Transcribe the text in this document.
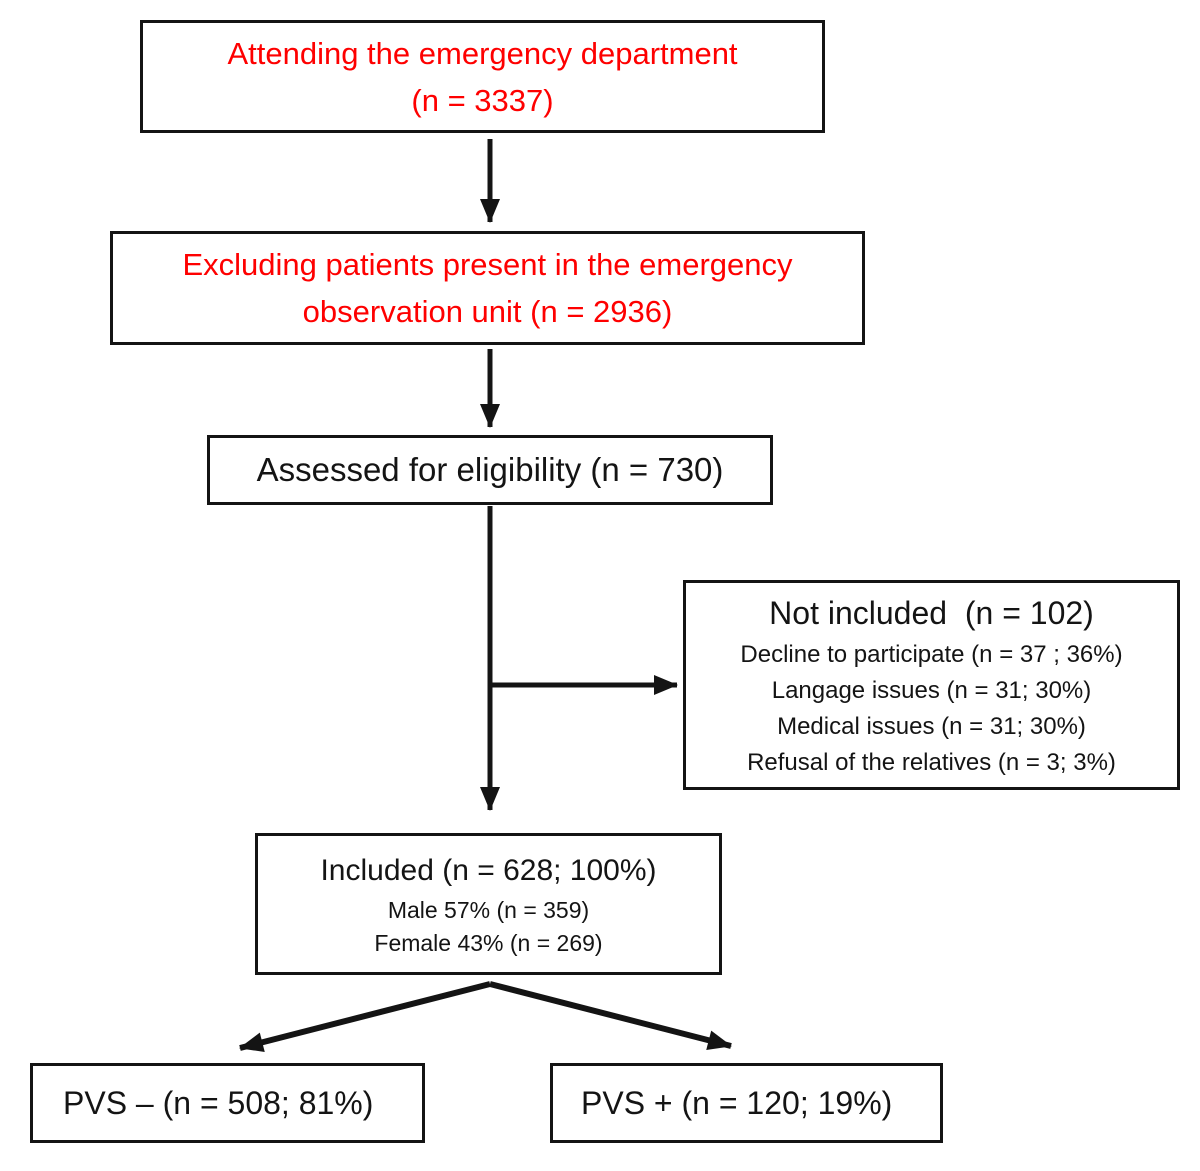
Attending the emergency department
(n = 3337)
Excluding patients present in the emergency
observation unit (n = 2936)
Assessed for eligibility (n = 730)
Not included  (n = 102)
Decline to participate (n = 37 ; 36%)
Langage issues (n = 31; 30%)
Medical issues (n = 31; 30%)
Refusal of the relatives (n = 3; 3%)
Included (n = 628; 100%)
Male 57% (n = 359)
Female 43% (n = 269)
PVS – (n = 508; 81%)	PVS + (n = 120; 19%)
